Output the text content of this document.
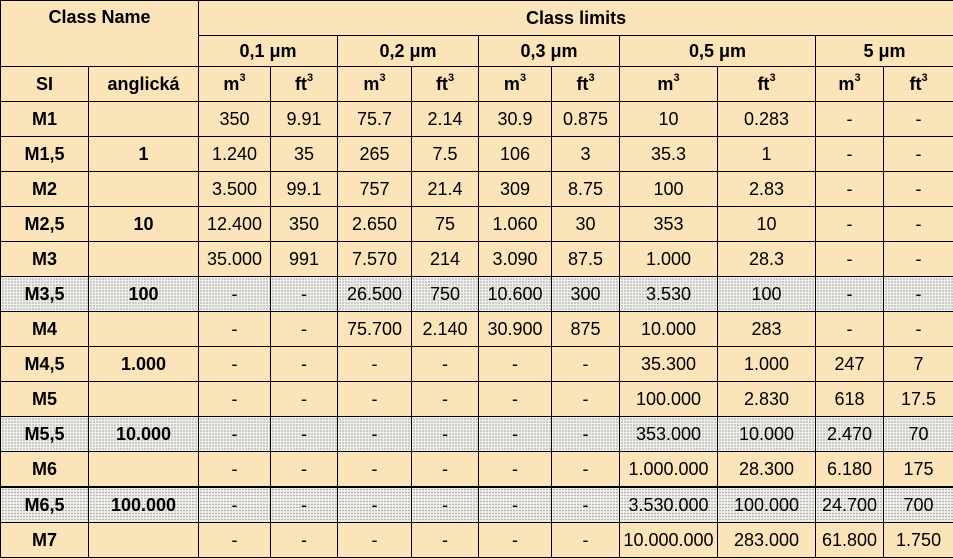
Class Name		Class limits									
		0,1 μm		0,2 μm		0,3 μm		0,5 μm		5 μm	
SI	anglická	$m^3$	$ft^3$	$m^3$	$ft^3$	$m^3$	$ft^3$	$m^3$	$ft^3$	$m^3$	$ft^3$
M1		350	9.91	75.7	2.14	30.9	0.875	10	0.283	-	-
M1,5	1	1.240	35	265	7.5	106	3	35.3	1	-	-
M2		3.500	99.1	757	21.4	309	8.75	100	2.83	-	-
M2,5	10	12.400	350	2.650	75	1.060	30	353	10	-	-
M3		35.000	991	7.570	214	3.090	87.5	1.000	28.3	-	-
M3,5	100	-	-	26.500	750	10.600	300	3.530	100	-	-
M4		-	-	75.700	2.140	30.900	875	10.000	283	-	-
M4,5	1.000	-	-	-	-	-	-	35.300	1.000	247	7
M5		-	-	-	-	-	-	100.000	2.830	618	17.5
M5,5	10.000	-	-	-	-	-	-	353.000	10.000	2.470	70
M6		-	-	-	-	-	-	1.000.000	28.300	6.180	175
M6,5	100.000	-	-	-	-	-	-	3.530.000	100.000	24.700	700
M7		-	-	-	-	-	-	10.000.000	283.000	61.800	1.750
